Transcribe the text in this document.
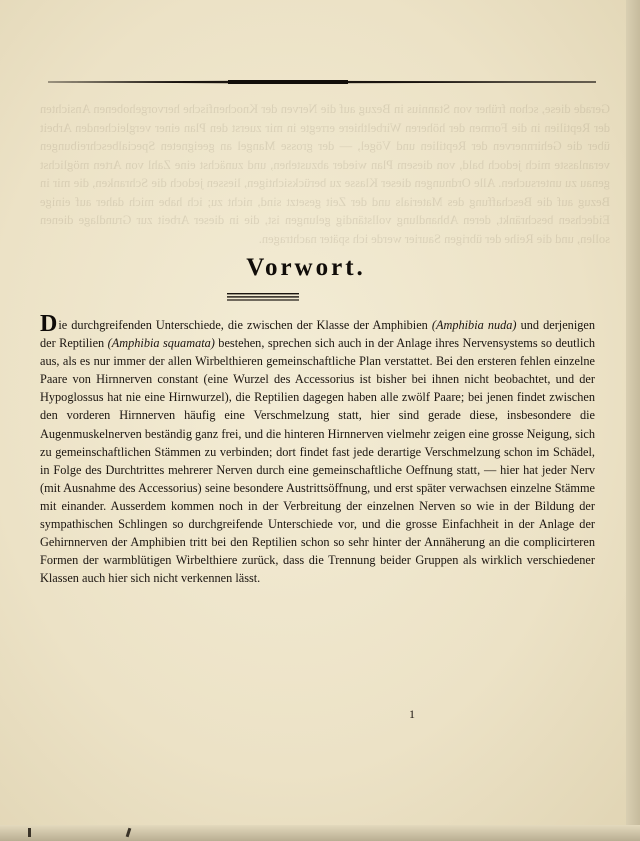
Gerade diese, schon früher von Stannius in Bezug auf die Nerven der Knochenfische hervorgehobenen Ansichten der Reptilien in die Formen der höheren Wirbelthiere erregte in mir zuerst den Plan einer vergleichenden Arbeit über die Gehirnnerven der Reptilien und Vögel, — der grosse Mangel an geeigneten Specialbeschreibungen veranlasste mich jedoch bald, von diesem Plan wieder abzustehen, und zunächst eine Zahl von Arten möglichst genau zu untersuchen. Alle Ordnungen dieser Klasse zu berücksichtigen, liessen jedoch die Schranken, die mir in Bezug auf die Beschaffung des Materials und der Zeit gesetzt sind, nicht zu; ich habe mich daher auf einige Eidechsen beschränkt, deren Abhandlung vollständig gelungen ist, die in dieser Arbeit zur Grundlage dienen sollen, und die Reihe der übrigen Saurier werde ich später nachtragen.

Vorwort.

Die durchgreifenden Unterschiede, die zwischen der Klasse der Amphibien (Amphibia nuda) und derjenigen der Reptilien (Amphibia squamata) bestehen, sprechen sich auch in der Anlage ihres Nervensystems so deutlich aus, als es nur immer der allen Wirbelthieren gemeinschaftliche Plan verstattet. Bei den ersteren fehlen einzelne Paare von Hirnnerven constant (eine Wurzel des Accessorius ist bisher bei ihnen nicht beobachtet, und der Hypoglossus hat nie eine Hirnwurzel), die Reptilien dagegen haben alle zwölf Paare; bei jenen findet zwischen den vorderen Hirnnerven häufig eine Verschmelzung statt, hier sind gerade diese, insbesondere die Augenmuskelnerven beständig ganz frei, und die hinteren Hirnnerven vielmehr zeigen eine grosse Neigung, sich zu gemeinschaftlichen Stämmen zu verbinden; dort findet fast jede derartige Verschmelzung schon im Schädel, in Folge des Durchtrittes mehrerer Nerven durch eine gemeinschaftliche Oeffnung statt, — hier hat jeder Nerv (mit Ausnahme des Accessorius) seine besondere Austrittsöffnung, und erst später verwachsen einzelne Stämme mit einander. Ausserdem kommen noch in der Verbreitung der einzelnen Nerven so wie in der Bildung der sympathischen Schlingen so durchgreifende Unterschiede vor, und die grosse Einfachheit in der Anlage der Gehirnnerven der Amphibien tritt bei den Reptilien schon so sehr hinter der Annäherung an die complicirteren Formen der warmblütigen Wirbelthiere zurück, dass die Trennung beider Gruppen als wirklich verschiedener Klassen auch hier sich nicht verkennen lässt.

1
